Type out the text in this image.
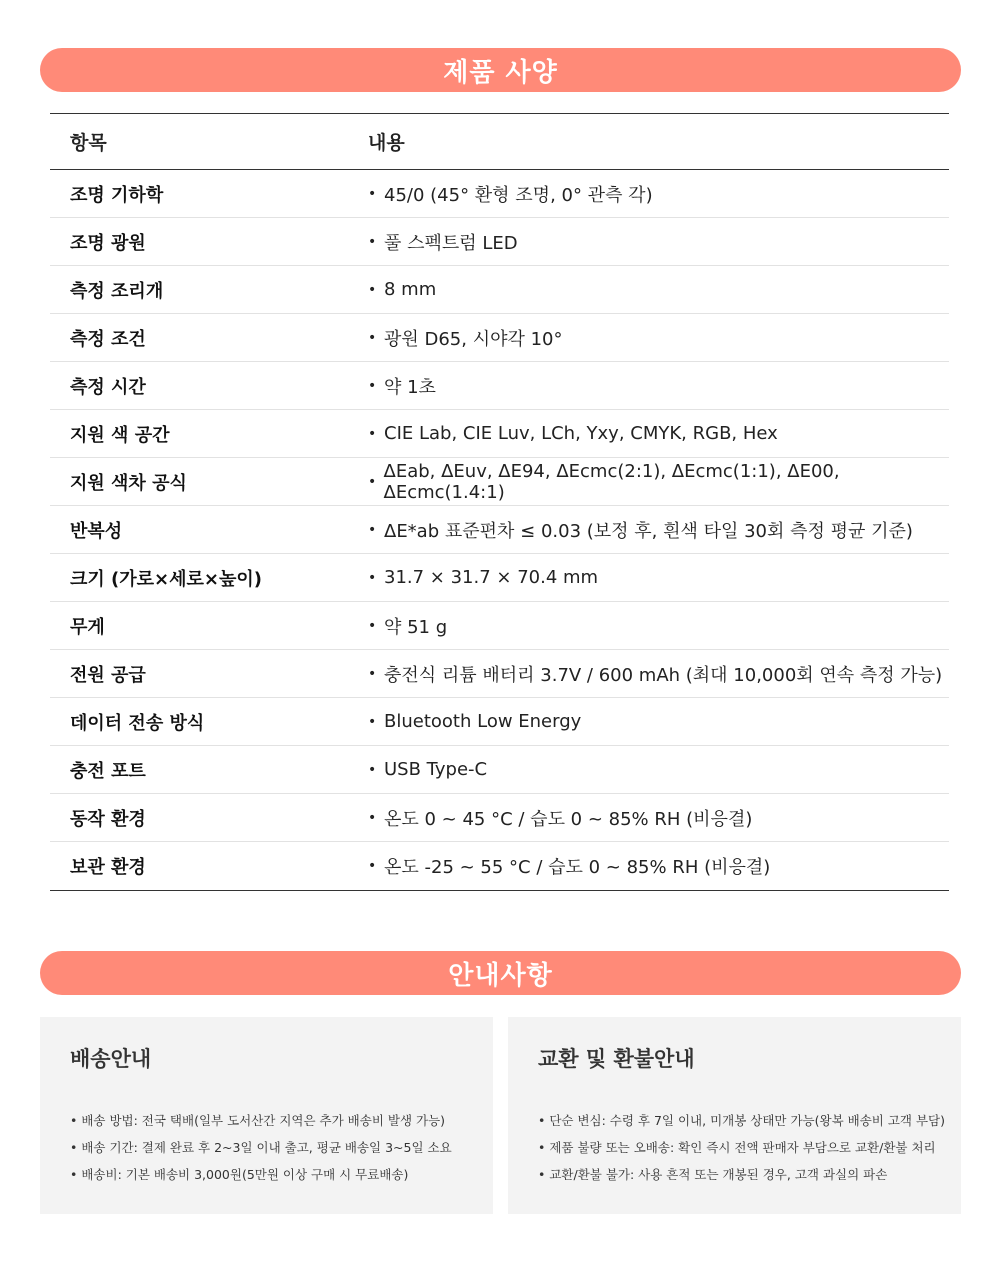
제품 사양
항목	내용
조명 기하학	• 45/0 (45° 환형 조명, 0° 관측 각)
조명 광원	• 풀 스펙트럼 LED
측정 조리개	• 8 mm
측정 조건	• 광원 D65, 시야각 10°
측정 시간	• 약 1초
지원 색 공간	• CIE Lab, CIE Luv, LCh, Yxy, CMYK, RGB, Hex
지원 색차 공식	• ΔEab, ΔEuv, ΔE94, ΔEcmc(2:1), ΔEcmc(1:1), ΔE00, ΔEcmc(1.4:1)
반복성	• ΔE*ab 표준편차 ≤ 0.03 (보정 후, 흰색 타일 30회 측정 평균 기준)
크기 (가로×세로×높이)	• 31.7 × 31.7 × 70.4 mm
무게	• 약 51 g
전원 공급	• 충전식 리튬 배터리 3.7V / 600 mAh (최대 10,000회 연속 측정 가능)
데이터 전송 방식	• Bluetooth Low Energy
충전 포트	• USB Type-C
동작 환경	• 온도 0 ~ 45 °C / 습도 0 ~ 85% RH (비응결)
보관 환경	• 온도 -25 ~ 55 °C / 습도 0 ~ 85% RH (비응결)
안내사항
배송안내
• 배송 방법: 전국 택배(일부 도서산간 지역은 추가 배송비 발생 가능)
• 배송 기간: 결제 완료 후 2~3일 이내 출고, 평균 배송일 3~5일 소요
• 배송비: 기본 배송비 3,000원(5만원 이상 구매 시 무료배송)
교환 및 환불안내
• 단순 변심: 수령 후 7일 이내, 미개봉 상태만 가능(왕복 배송비 고객 부담)
• 제품 불량 또는 오배송: 확인 즉시 전액 판매자 부담으로 교환/환불 처리
• 교환/환불 불가: 사용 흔적 또는 개봉된 경우, 고객 과실의 파손
